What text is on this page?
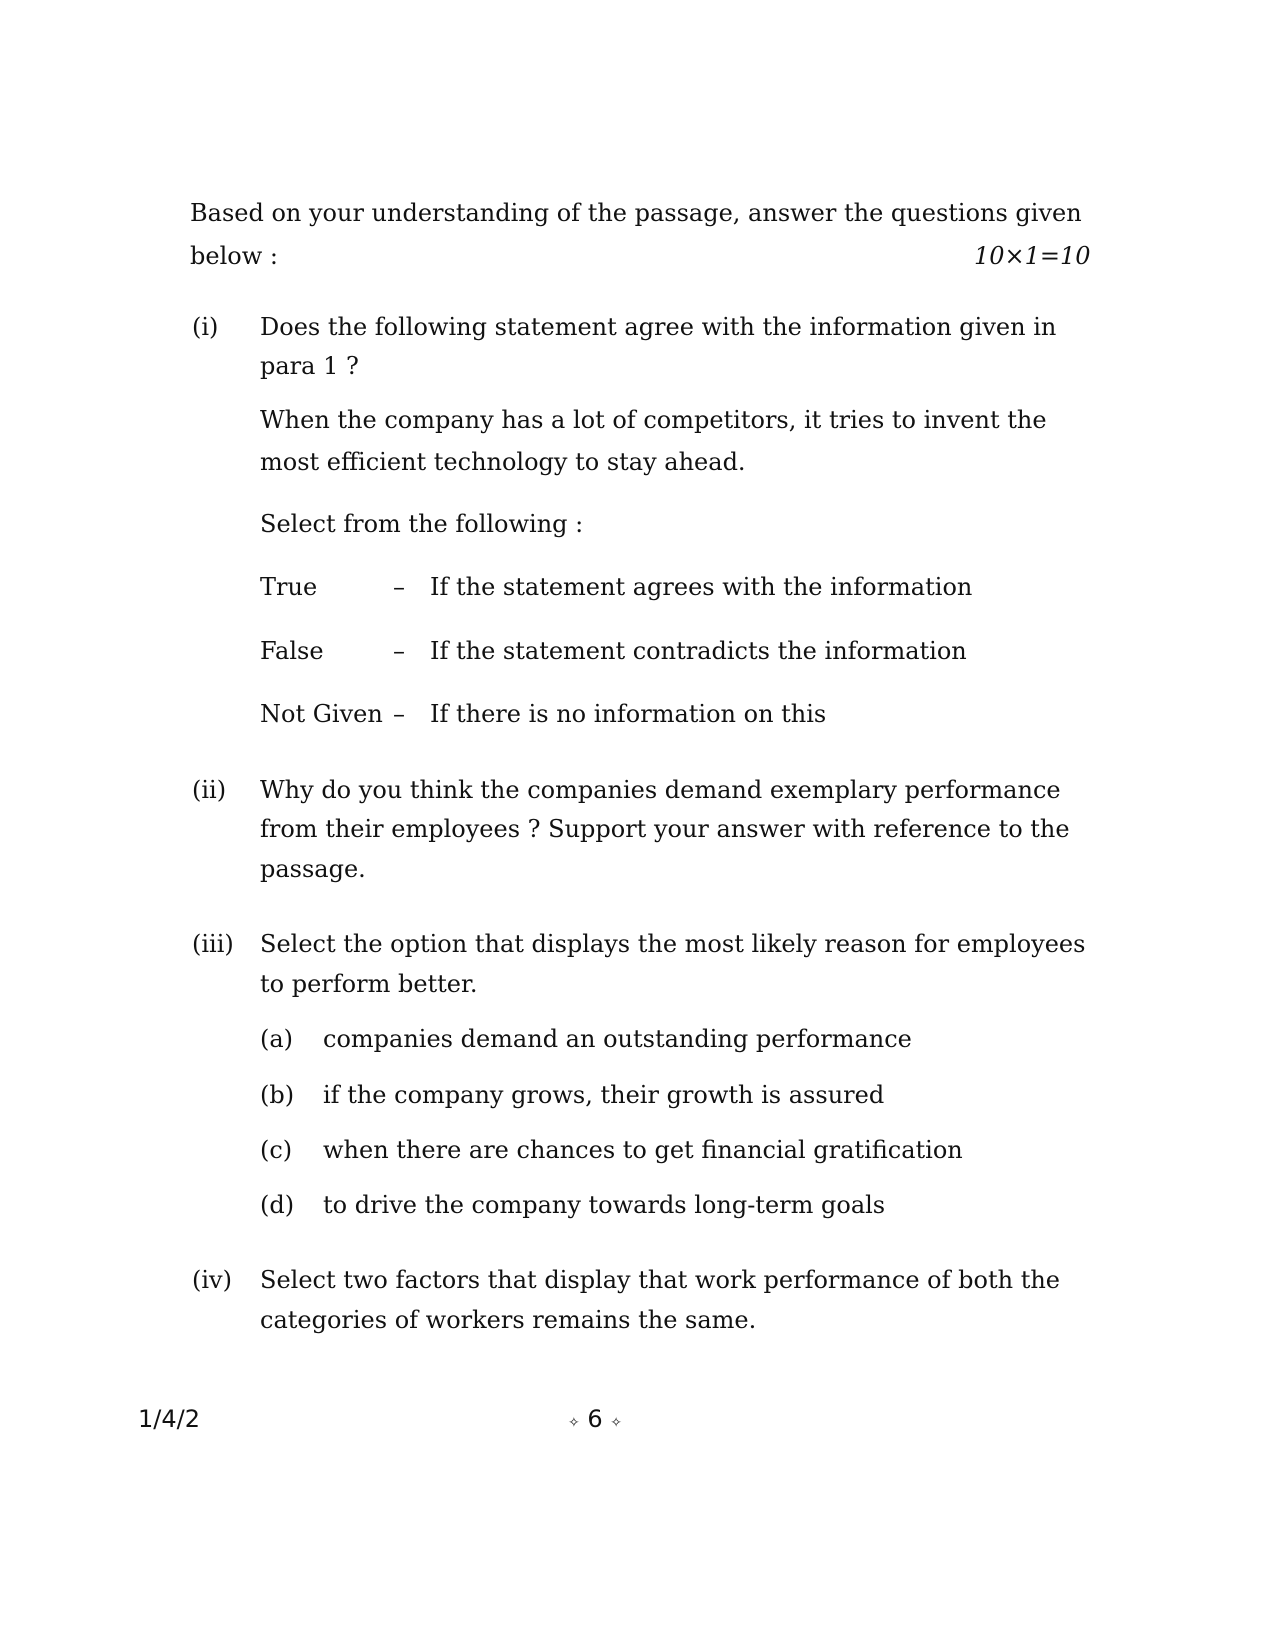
Based on your understanding of the passage, answer the questions given
below :	10×1=10
(i) Does the following statement agree with the information given in
para 1 ?
When the company has a lot of competitors, it tries to invent the
most efficient technology to stay ahead.
Select from the following :
True	– If the statement agrees with the information
False	– If the statement contradicts the information
Not Given – If there is no information on this
(ii) Why do you think the companies demand exemplary performance
from their employees ? Support your answer with reference to the
passage.
(iii) Select the option that displays the most likely reason for employees
to perform better.
(a) companies demand an outstanding performance
(b) if the company grows, their growth is assured
(c) when there are chances to get financial gratification
(d) to drive the company towards long-term goals
(iv) Select two factors that display that work performance of both the
categories of workers remains the same.
1/4/2	✧ 6 ✧
